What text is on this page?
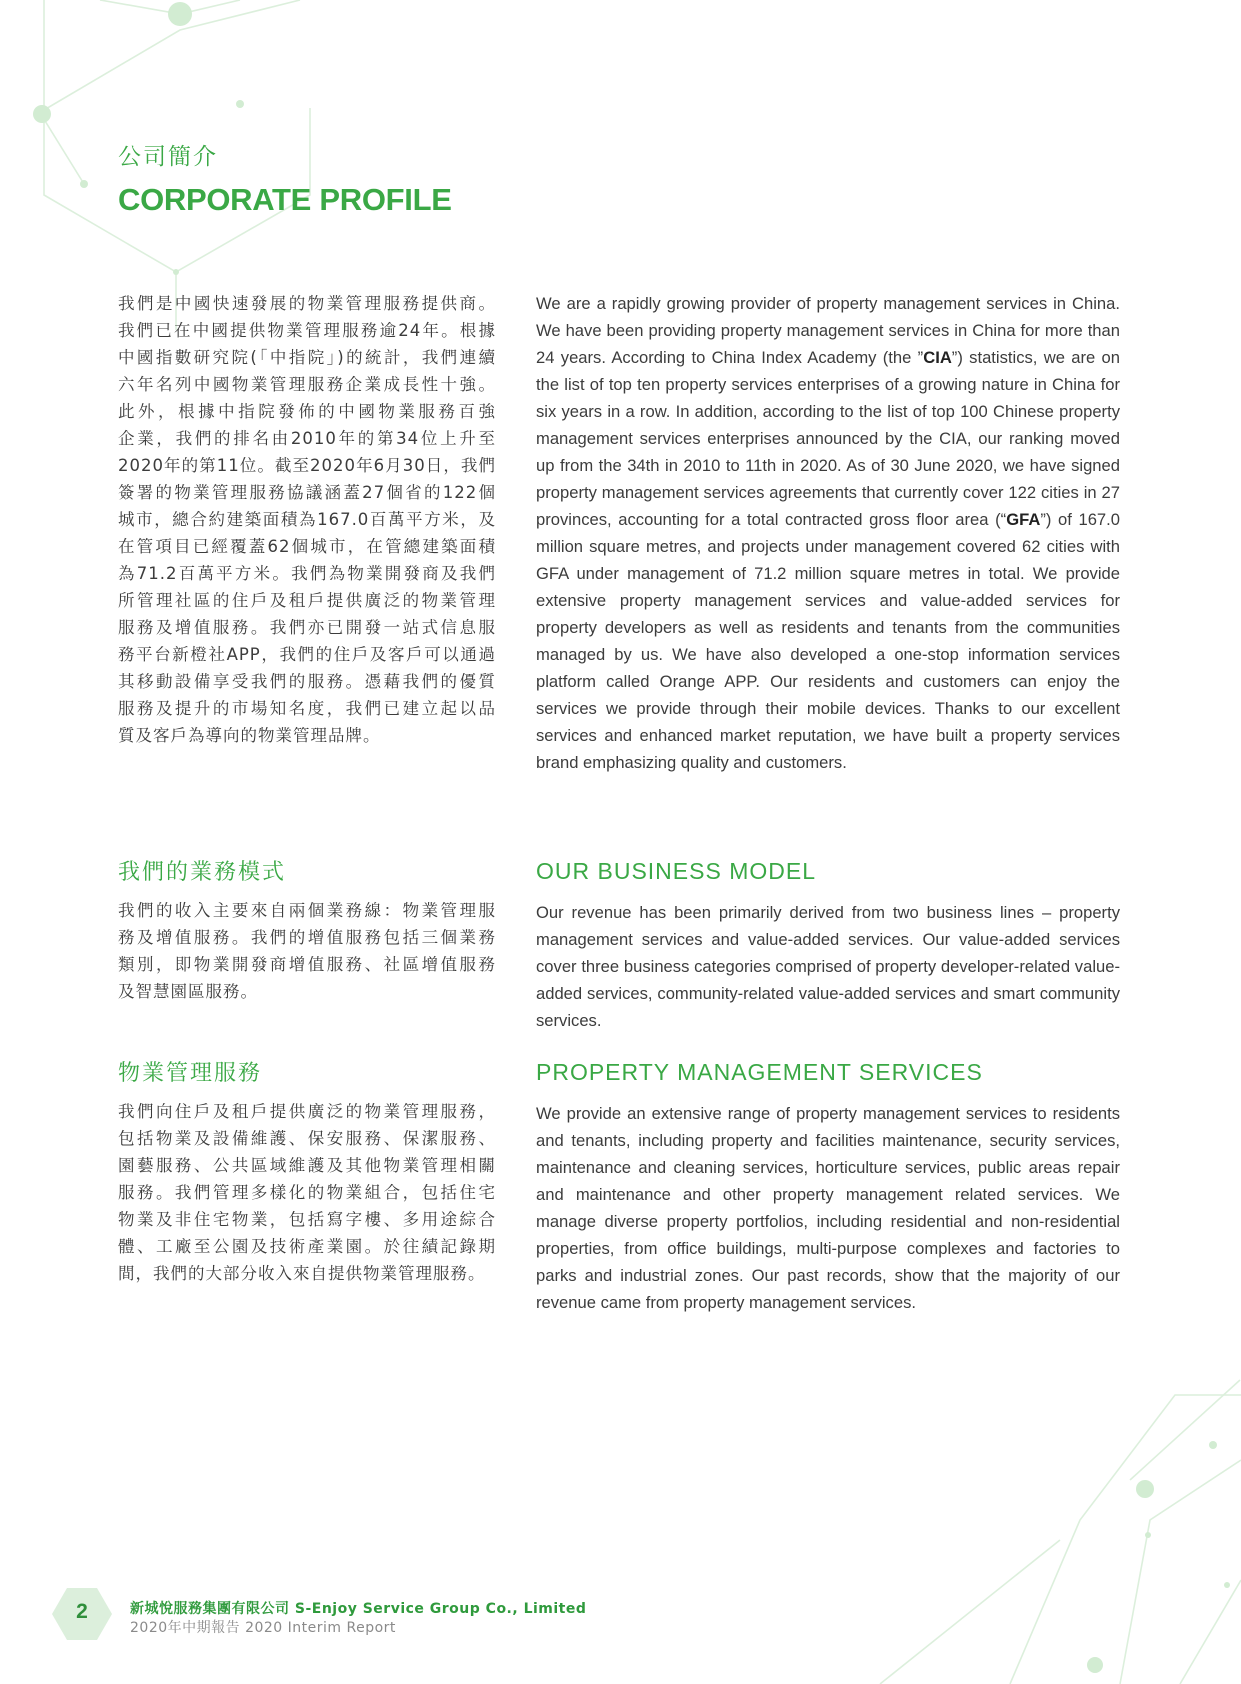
公司簡介
CORPORATE PROFILE
我們是中國快速發展的物業管理服務提供商。
我們已在中國提供物業管理服務逾24年。根據
中國指數研究院(「中指院」)的統計，我們連續
六年名列中國物業管理服務企業成長性十強。
此外，根據中指院發佈的中國物業服務百強
企業，我們的排名由2010年的第34位上升至
2020年的第11位。截至2020年6月30日，我們
簽署的物業管理服務協議涵蓋27個省的122個
城市，總合約建築面積為167.0百萬平方米，及
在管項目已經覆蓋62個城市，在管總建築面積
為71.2百萬平方米。我們為物業開發商及我們
所管理社區的住戶及租戶提供廣泛的物業管理
服務及增值服務。我們亦已開發一站式信息服
務平台新橙社APP，我們的住戶及客戶可以通過
其移動設備享受我們的服務。憑藉我們的優質
服務及提升的市場知名度，我們已建立起以品
質及客戶為導向的物業管理品牌。
We are a rapidly growing provider of property management services in China. We have been providing property management services in China for more than 24 years. According to China Index Academy (the ”CIA”) statistics, we are on the list of top ten property services enterprises of a growing nature in China for six years in a row. In addition, according to the list of top 100 Chinese property management services enterprises announced by the CIA, our ranking moved up from the 34th in 2010 to 11th in 2020. As of 30 June 2020, we have signed property management services agreements that currently cover 122 cities in 27 provinces, accounting for a total contracted gross floor area (“GFA”) of 167.0 million square metres, and projects under management covered 62 cities with GFA under management of 71.2 million square metres in total. We provide extensive property management services and value-added services for property developers as well as residents and tenants from the communities managed by us. We have also developed a one-stop information services platform called Orange APP. Our residents and customers can enjoy the services we provide through their mobile devices. Thanks to our excellent services and enhanced market reputation, we have built a property services brand emphasizing quality and customers.
我們的業務模式	OUR BUSINESS MODEL
我們的收入主要來自兩個業務線：物業管理服
務及增值服務。我們的增值服務包括三個業務
類別，即物業開發商增值服務、社區增值服務
及智慧園區服務。
Our revenue has been primarily derived from two business lines – property management services and value-added services. Our value-added services cover three business categories comprised of property developer-related value-added services, community-related value-added services and smart community services.
物業管理服務	PROPERTY MANAGEMENT SERVICES
我們向住戶及租戶提供廣泛的物業管理服務，
包括物業及設備維護、保安服務、保潔服務、
園藝服務、公共區域維護及其他物業管理相關
服務。我們管理多樣化的物業組合，包括住宅
物業及非住宅物業，包括寫字樓、多用途綜合
體、工廠至公園及技術產業園。於往績記錄期
間，我們的大部分收入來自提供物業管理服務。
We provide an extensive range of property management services to residents and tenants, including property and facilities maintenance, security services, maintenance and cleaning services, horticulture services, public areas repair and maintenance and other property management related services. We manage diverse property portfolios, including residential and non-residential properties, from office buildings, multi-purpose complexes and factories to parks and industrial zones. Our past records, show that the majority of our revenue came from property management services.
2	新城悅服務集團有限公司 S-Enjoy Service Group Co., Limited
2020年中期報告 2020 Interim Report
